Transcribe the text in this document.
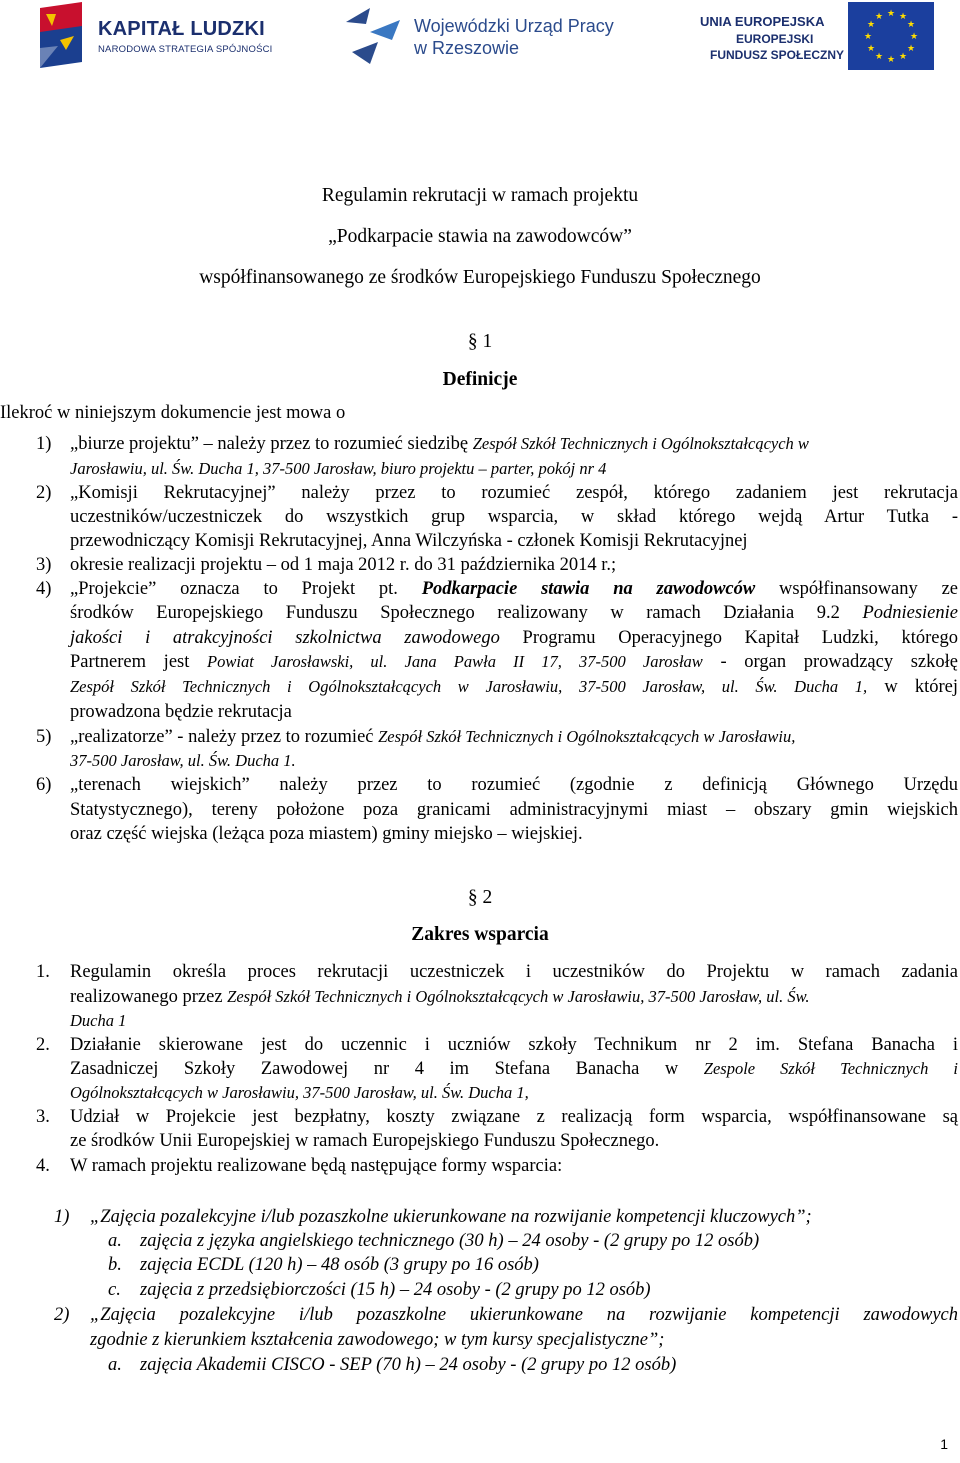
KAPITAŁ LUDZKI
NARODOWA STRATEGIA SPÓJNOŚCI
Wojewódzki Urząd Pracy
w Rzeszowie
UNIA EUROPEJSKA
EUROPEJSKI
FUNDUSZ SPOŁECZNY
★ ★
★
★
★
★
★
★
★
★
★
★
Regulamin rekrutacji w ramach projektu
„Podkarpacie stawia na zawodowców”
współfinansowanego ze środków Europejskiego Funduszu Społecznego
§ 1
Definicje
Ilekroć w niniejszym dokumencie jest mowa o
1) „biurze projektu” – należy przez to rozumieć siedzibę Zespół Szkół Technicznych i Ogólnokształcących w
Jarosławiu, ul. Św. Ducha 1, 37-500 Jarosław, biuro projektu – parter, pokój nr 4
2) „Komisji Rekrutacyjnej” należy przez to rozumieć zespół, którego zadaniem jest rekrutacja
uczestników/uczestniczek do wszystkich grup wsparcia, w skład którego wejdą Artur Tutka -
przewodniczący Komisji Rekrutacyjnej, Anna Wilczyńska - członek Komisji Rekrutacyjnej
3) okresie realizacji projektu – od 1 maja 2012 r. do 31 października 2014 r.;
4) „Projekcie” oznacza to Projekt pt. Podkarpacie stawia na zawodowców współfinansowany ze
środków Europejskiego Funduszu Społecznego realizowany w ramach Działania 9.2 Podniesienie
jakości i atrakcyjności szkolnictwa zawodowego Programu Operacyjnego Kapitał Ludzki, którego
Partnerem jest Powiat Jarosławski, ul. Jana Pawła II 17, 37-500 Jarosław - organ prowadzący szkołę
Zespół Szkół Technicznych i Ogólnokształcących w Jarosławiu, 37-500 Jarosław, ul. Św. Ducha 1, w której
prowadzona będzie rekrutacja
5) „realizatorze” - należy przez to rozumieć Zespół Szkół Technicznych i Ogólnokształcących w Jarosławiu,
37-500 Jarosław, ul. Św. Ducha 1.
6) „terenach wiejskich” należy przez to rozumieć (zgodnie z definicją Głównego Urzędu
Statystycznego), tereny położone poza granicami administracyjnymi miast – obszary gmin wiejskich
oraz część wiejska (leżąca poza miastem) gminy miejsko – wiejskiej.
§ 2
Zakres wsparcia
1. Regulamin określa proces rekrutacji uczestniczek i uczestników do Projektu w ramach zadania
realizowanego przez Zespół Szkół Technicznych i Ogólnokształcących w Jarosławiu, 37-500 Jarosław, ul. Św.
Ducha 1
2. Działanie skierowane jest do uczennic i uczniów szkoły Technikum nr 2 im. Stefana Banacha i
Zasadniczej Szkoły Zawodowej nr 4 im Stefana Banacha w Zespole Szkół Technicznych i
Ogólnokształcących w Jarosławiu, 37-500 Jarosław, ul. Św. Ducha 1,
3. Udział w Projekcie jest bezpłatny, koszty związane z realizacją form wsparcia, współfinansowane są
ze środków Unii Europejskiej w ramach Europejskiego Funduszu Społecznego.
4. W ramach projektu realizowane będą następujące formy wsparcia:
1) „Zajęcia pozalekcyjne i/lub pozaszkolne ukierunkowane na rozwijanie kompetencji kluczowych”;
a. zajęcia z języka angielskiego technicznego (30 h) – 24 osoby - (2 grupy po 12 osób)
b. zajęcia ECDL (120 h) – 48 osób (3 grupy po 16 osób)
c. zajęcia z przedsiębiorczości (15 h) – 24 osoby - (2 grupy po 12 osób)
2) „Zajęcia pozalekcyjne i/lub pozaszkolne ukierunkowane na rozwijanie kompetencji zawodowych
zgodnie z kierunkiem kształcenia zawodowego; w tym kursy specjalistyczne”;
a. zajęcia Akademii CISCO - SEP (70 h) – 24 osoby - (2 grupy po 12 osób)
1
